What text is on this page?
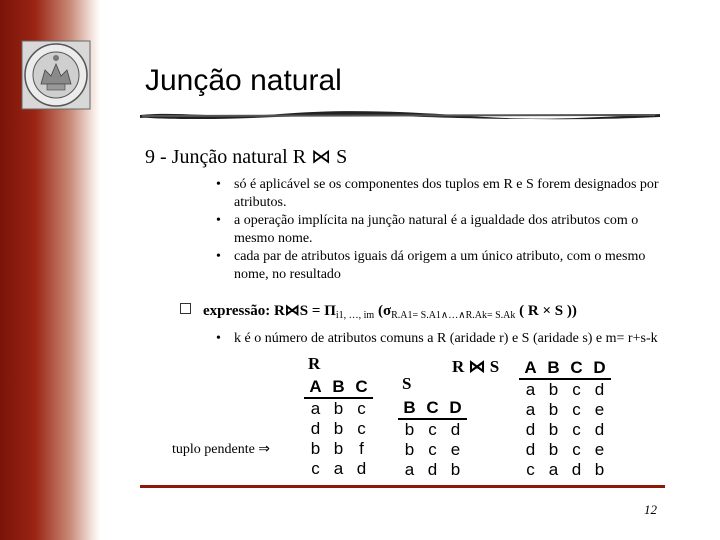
Junção natural
9 - Junção natural R ⋈ S

• só é aplicável se os componentes dos tuplos em R e S forem designados por atributos.

• a operação implícita na junção natural é a igualdade dos atributos com o mesmo nome.

• cada par de atributos iguais dá origem a um único atributo, com o mesmo nome, no resultado

expressão: R⋈S = $\Pi_{i1, \dots, im}$ ($\sigma_{R.A1= S.A1\wedge\dots\wedge R.Ak= S.Ak}$ ( R × S ))

• k é o número de atributos comuns a R (aridade r) e S (aridade s) e m= r+s-k

R
A	B	C
a	b	c
d	b	c
b	b	f
c	a	d
S
B	C	D
b	c	d
b	c	e
a	d	b
R ⋈ S A	B	C	D
a	b	c	d
a	b	c	e
d	b	c	d
d	b	c	e
c	a	d	b
tuplo pendente ⇒
12
